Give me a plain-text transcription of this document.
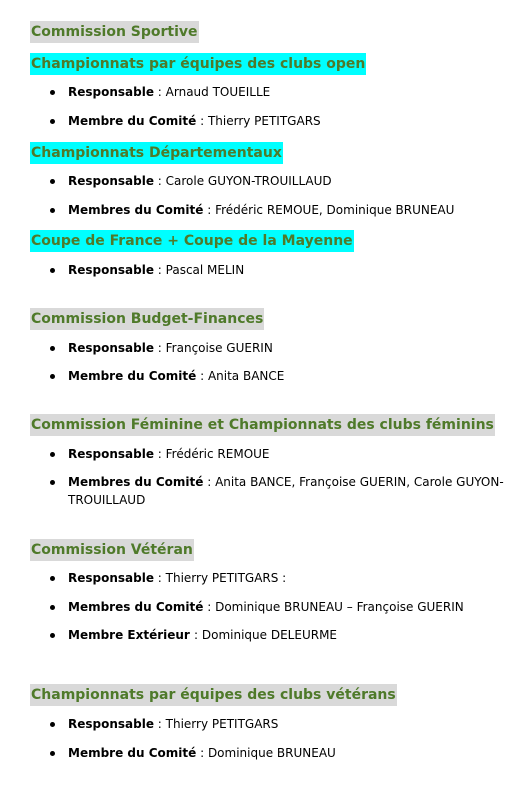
Commission Sportive
Championnats par équipes des clubs open
Championnats Départementaux
Coupe de France + Coupe de la Mayenne
Commission Budget-Finances
Commission Féminine et Championnats des clubs féminins
Commission Vétéran
Championnats par équipes des clubs vétérans
Responsable : Arnaud TOUEILLE
Membre du Comité : Thierry PETITGARS
Responsable : Carole GUYON-TROUILLAUD
Membres du Comité : Frédéric REMOUE, Dominique BRUNEAU
Responsable : Pascal MELIN
Responsable : Françoise GUERIN
Membre du Comité : Anita BANCE
Responsable : Frédéric REMOUE
Membres du Comité : Anita BANCE, Françoise GUERIN, Carole GUYON-TROUILLAUD
Responsable : Thierry PETITGARS :
Membres du Comité : Dominique BRUNEAU – Françoise GUERIN
Membre Extérieur : Dominique DELEURME
Responsable : Thierry PETITGARS
Membre du Comité : Dominique BRUNEAU
